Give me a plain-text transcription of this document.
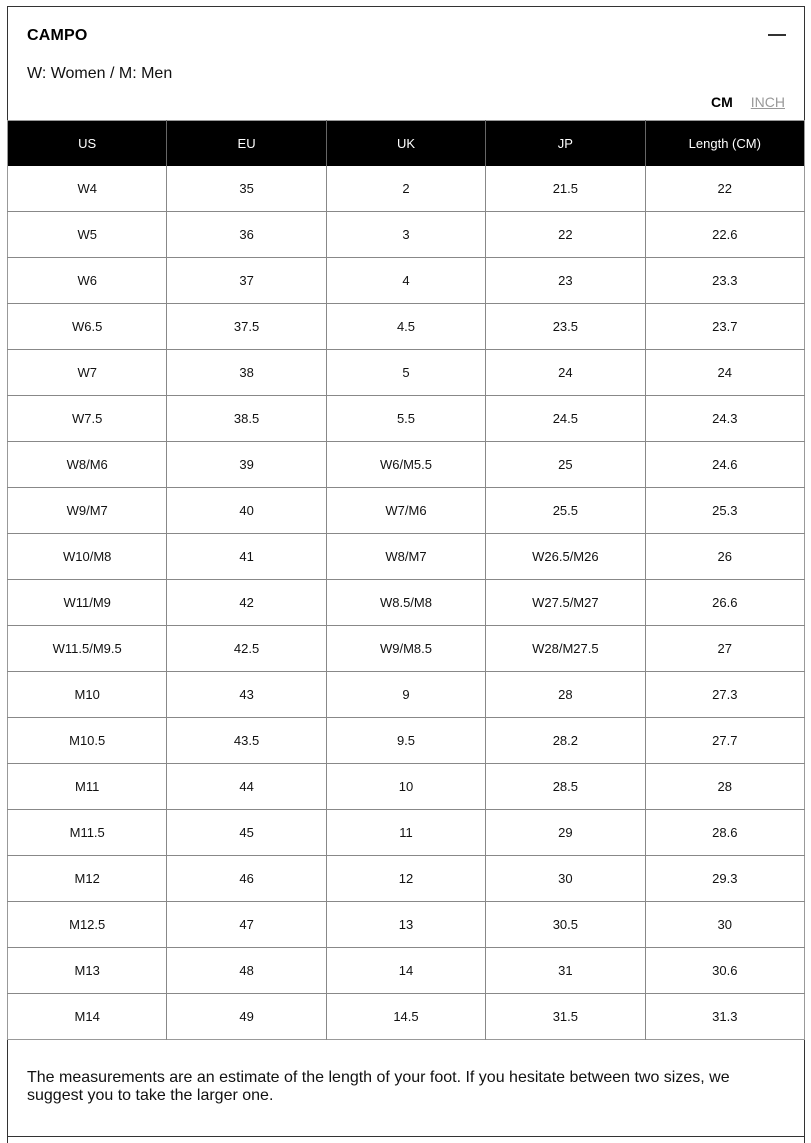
CAMPO
W: Women / M: Men
CM INCH
US	EU	UK	JP	Length (CM)
W4	35	2	21.5	22
W5	36	3	22	22.6
W6	37	4	23	23.3
W6.5	37.5	4.5	23.5	23.7
W7	38	5	24	24
W7.5	38.5	5.5	24.5	24.3
W8/M6	39	W6/M5.5	25	24.6
W9/M7	40	W7/M6	25.5	25.3
W10/M8	41	W8/M7	W26.5/M26	26
W11/M9	42	W8.5/M8	W27.5/M27	26.6
W11.5/M9.5	42.5	W9/M8.5	W28/M27.5	27
M10	43	9	28	27.3
M10.5	43.5	9.5	28.2	27.7
M11	44	10	28.5	28
M11.5	45	11	29	28.6
M12	46	12	30	29.3
M12.5	47	13	30.5	30
M13	48	14	31	30.6
M14	49	14.5	31.5	31.3
The measurements are an estimate of the length of your foot. If you hesitate between two sizes, we suggest you to take the larger one.
